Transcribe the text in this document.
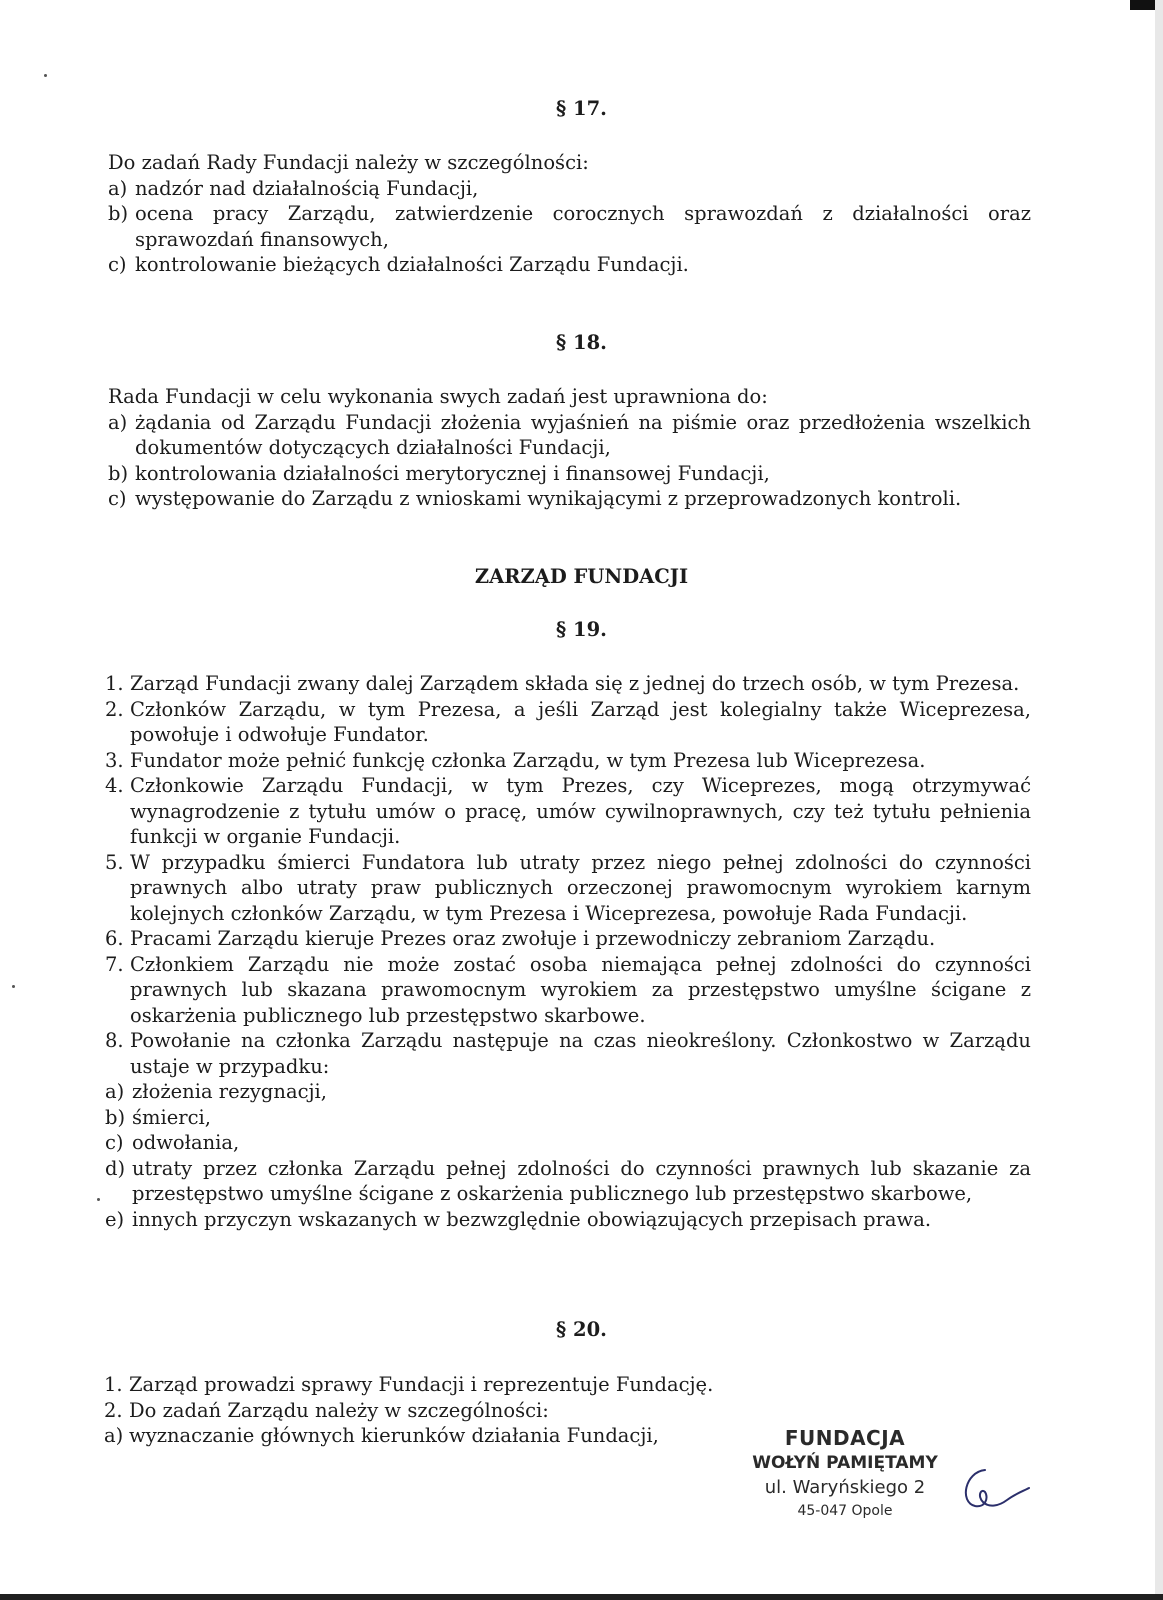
§ 17.
Do zadań Rady Fundacji należy w szczególności:
a) nadzór nad działalnością Fundacji,
b) ocena pracy Zarządu, zatwierdzenie corocznych sprawozdań z działalności oraz sprawozdań finansowych,
c) kontrolowanie bieżących działalności Zarządu Fundacji.
§ 18.
Rada Fundacji w celu wykonania swych zadań jest uprawniona do:
a) żądania od Zarządu Fundacji złożenia wyjaśnień na piśmie oraz przedłożenia wszelkich dokumentów dotyczących działalności Fundacji,
b) kontrolowania działalności merytorycznej i finansowej Fundacji,
c) występowanie do Zarządu z wnioskami wynikającymi z przeprowadzonych kontroli.
ZARZĄD FUNDACJI
§ 19.
1. Zarząd Fundacji zwany dalej Zarządem składa się z jednej do trzech osób, w tym Prezesa.
2. Członków Zarządu, w tym Prezesa, a jeśli Zarząd jest kolegialny także Wiceprezesa, powołuje i odwołuje Fundator.
3. Fundator może pełnić funkcję członka Zarządu, w tym Prezesa lub Wiceprezesa.
4. Członkowie Zarządu Fundacji, w tym Prezes, czy Wiceprezes, mogą otrzymywać wynagrodzenie z tytułu umów o pracę, umów cywilnoprawnych, czy też tytułu pełnienia funkcji w organie Fundacji.
5. W przypadku śmierci Fundatora lub utraty przez niego pełnej zdolności do czynności prawnych albo utraty praw publicznych orzeczonej prawomocnym wyrokiem karnym kolejnych członków Zarządu, w tym Prezesa i Wiceprezesa, powołuje Rada Fundacji.
6. Pracami Zarządu kieruje Prezes oraz zwołuje i przewodniczy zebraniom Zarządu.
7. Członkiem Zarządu nie może zostać osoba niemająca pełnej zdolności do czynności prawnych lub skazana prawomocnym wyrokiem za przestępstwo umyślne ścigane z oskarżenia publicznego lub przestępstwo skarbowe.
8. Powołanie na członka Zarządu następuje na czas nieokreślony. Członkostwo w Zarządu ustaje w przypadku:
a) złożenia rezygnacji,
b) śmierci,
c) odwołania,
d) utraty przez członka Zarządu pełnej zdolności do czynności prawnych lub skazanie za przestępstwo umyślne ścigane z oskarżenia publicznego lub przestępstwo skarbowe,
e) innych przyczyn wskazanych w bezwzględnie obowiązujących przepisach prawa.
§ 20.
1. Zarząd prowadzi sprawy Fundacji i reprezentuje Fundację.
2. Do zadań Zarządu należy w szczególności:
a) wyznaczanie głównych kierunków działania Fundacji,	FUNDACJA
WOŁYŃ PAMIĘTAMY
ul. Waryńskiego 2
45-047 Opole
